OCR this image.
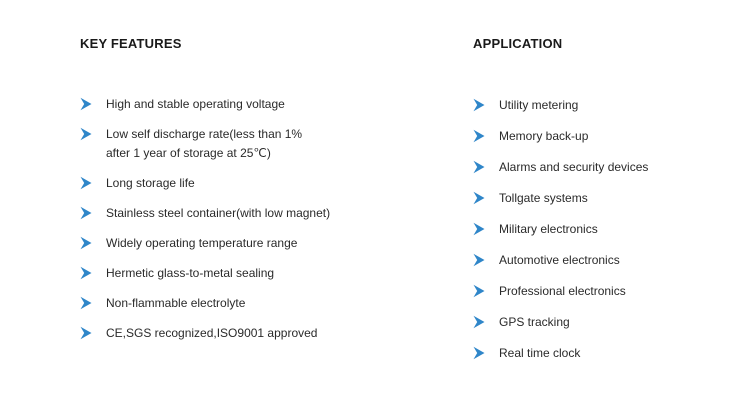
KEY FEATURES
High and stable operating voltage
Low self discharge rate(less than 1% after 1 year of storage at 25℃)
Long storage life
Stainless steel container(with low magnet)
Widely operating temperature range
Hermetic glass-to-metal sealing
Non-flammable electrolyte
CE,SGS recognized,ISO9001 approved
APPLICATION
Utility metering
Memory back-up
Alarms and security devices
Tollgate systems
Military electronics
Automotive electronics
Professional electronics
GPS tracking
Real time clock
